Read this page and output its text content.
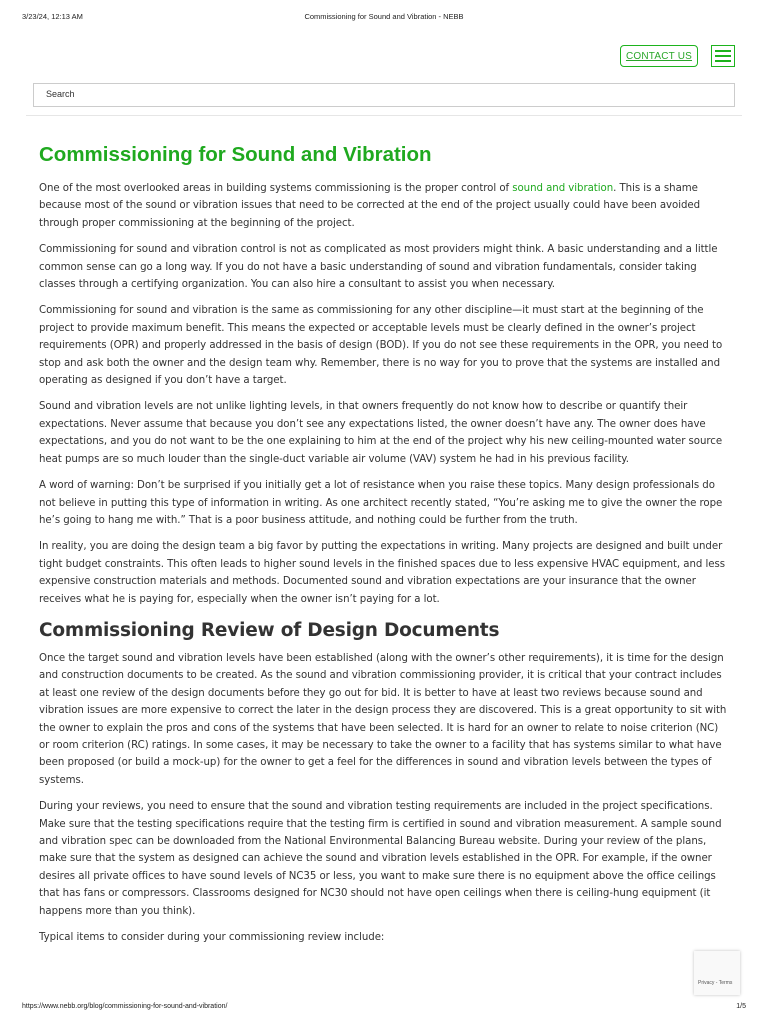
3/23/24, 12:13 AM	Commissioning for Sound and Vibration - NEBB
CONTACT US
Search
Commissioning for Sound and Vibration

One of the most overlooked areas in building systems commissioning is the proper control of sound and vibration. This is a shame because most of the sound or vibration issues that need to be corrected at the end of the project usually could have been avoided through proper commissioning at the beginning of the project.

Commissioning for sound and vibration control is not as complicated as most providers might think. A basic understanding and a little common sense can go a long way. If you do not have a basic understanding of sound and vibration fundamentals, consider taking classes through a certifying organization. You can also hire a consultant to assist you when necessary.

Commissioning for sound and vibration is the same as commissioning for any other discipline—it must start at the beginning of the project to provide maximum benefit. This means the expected or acceptable levels must be clearly defined in the owner’s project requirements (OPR) and properly addressed in the basis of design (BOD). If you do not see these requirements in the OPR, you need to stop and ask both the owner and the design team why. Remember, there is no way for you to prove that the systems are installed and operating as designed if you don’t have a target.

Sound and vibration levels are not unlike lighting levels, in that owners frequently do not know how to describe or quantify their expectations. Never assume that because you don’t see any expectations listed, the owner doesn’t have any. The owner does have expectations, and you do not want to be the one explaining to him at the end of the project why his new ceiling-mounted water source heat pumps are so much louder than the single-duct variable air volume (VAV) system he had in his previous facility.

A word of warning: Don’t be surprised if you initially get a lot of resistance when you raise these topics. Many design professionals do not believe in putting this type of information in writing. As one architect recently stated, “You’re asking me to give the owner the rope he’s going to hang me with.” That is a poor business attitude, and nothing could be further from the truth.

In reality, you are doing the design team a big favor by putting the expectations in writing. Many projects are designed and built under tight budget constraints. This often leads to higher sound levels in the finished spaces due to less expensive HVAC equipment, and less expensive construction materials and methods. Documented sound and vibration expectations are your insurance that the owner receives what he is paying for, especially when the owner isn’t paying for a lot.

Commissioning Review of Design Documents

Once the target sound and vibration levels have been established (along with the owner’s other requirements), it is time for the design and construction documents to be created. As the sound and vibration commissioning provider, it is critical that your contract includes at least one review of the design documents before they go out for bid. It is better to have at least two reviews because sound and vibration issues are more expensive to correct the later in the design process they are discovered. This is a great opportunity to sit with the owner to explain the pros and cons of the systems that have been selected. It is hard for an owner to relate to noise criterion (NC) or room criterion (RC) ratings. In some cases, it may be necessary to take the owner to a facility that has systems similar to what have been proposed (or build a mock-up) for the owner to get a feel for the differences in sound and vibration levels between the types of systems.

During your reviews, you need to ensure that the sound and vibration testing requirements are included in the project specifications. Make sure that the testing specifications require that the testing firm is certified in sound and vibration measurement. A sample sound and vibration spec can be downloaded from the National Environmental Balancing Bureau website. During your review of the plans, make sure that the system as designed can achieve the sound and vibration levels established in the OPR. For example, if the owner desires all private offices to have sound levels of NC35 or less, you want to make sure there is no equipment above the office ceilings that has fans or compressors. Classrooms designed for NC30 should not have open ceilings when there is ceiling-hung equipment (it happens more than you think).

Typical items to consider during your commissioning review include:

Privacy - Terms
https://www.nebb.org/blog/commissioning-for-sound-and-vibration/	1/5
